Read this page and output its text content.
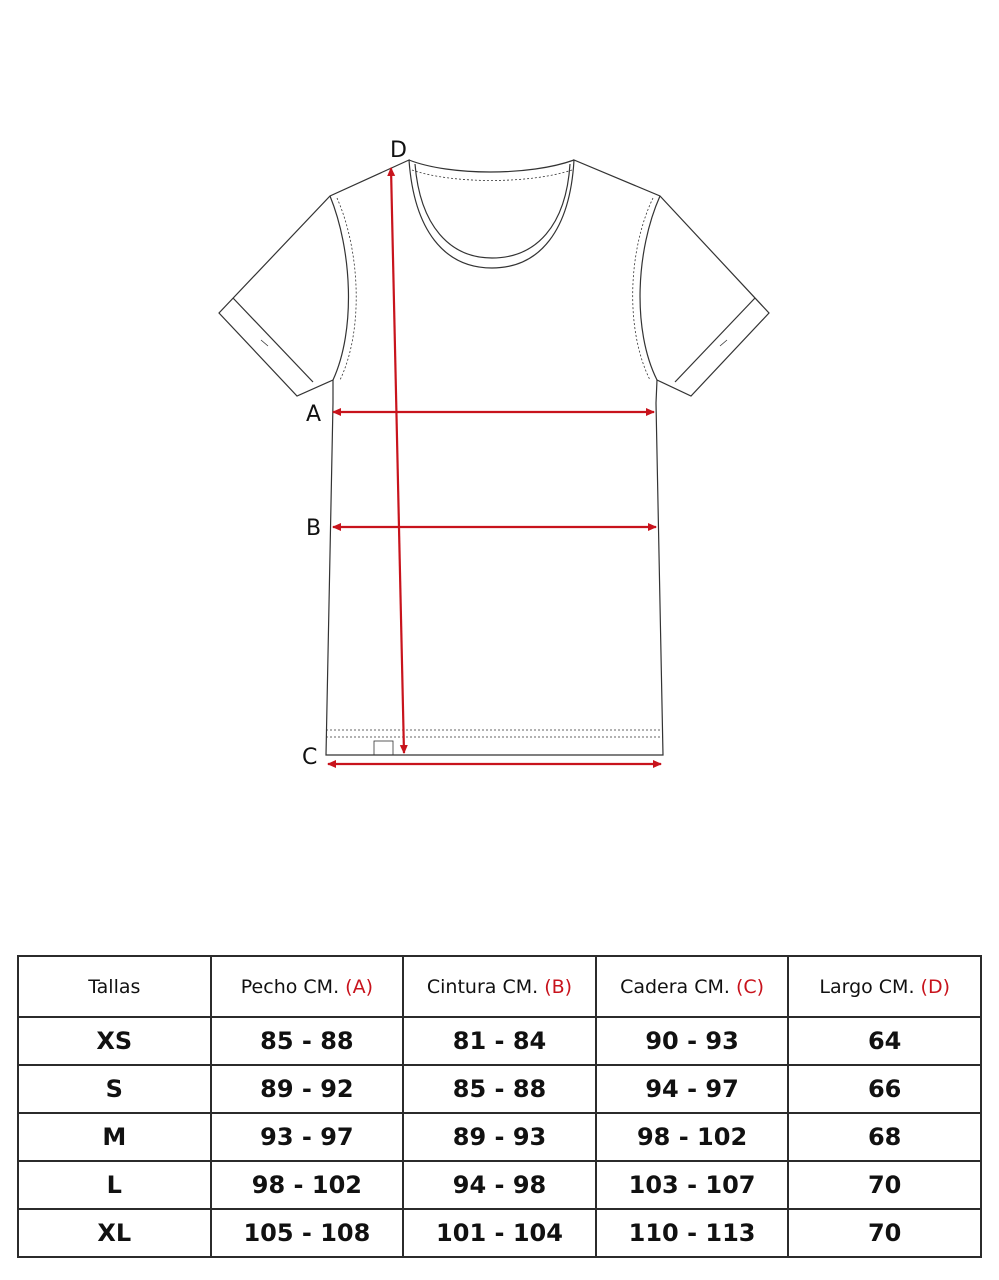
A
B
C
D
Tallas	Pecho CM. (A)	Cintura CM. (B)	Cadera CM. (C)	Largo CM. (D)
XS	85 - 88	81 - 84	90 - 93	64
S	89 - 92	85 - 88	94 - 97	66
M	93 - 97	89 - 93	98 - 102	68
L	98 - 102	94 - 98	103 - 107	70
XL	105 - 108	101 - 104	110 - 113	70
